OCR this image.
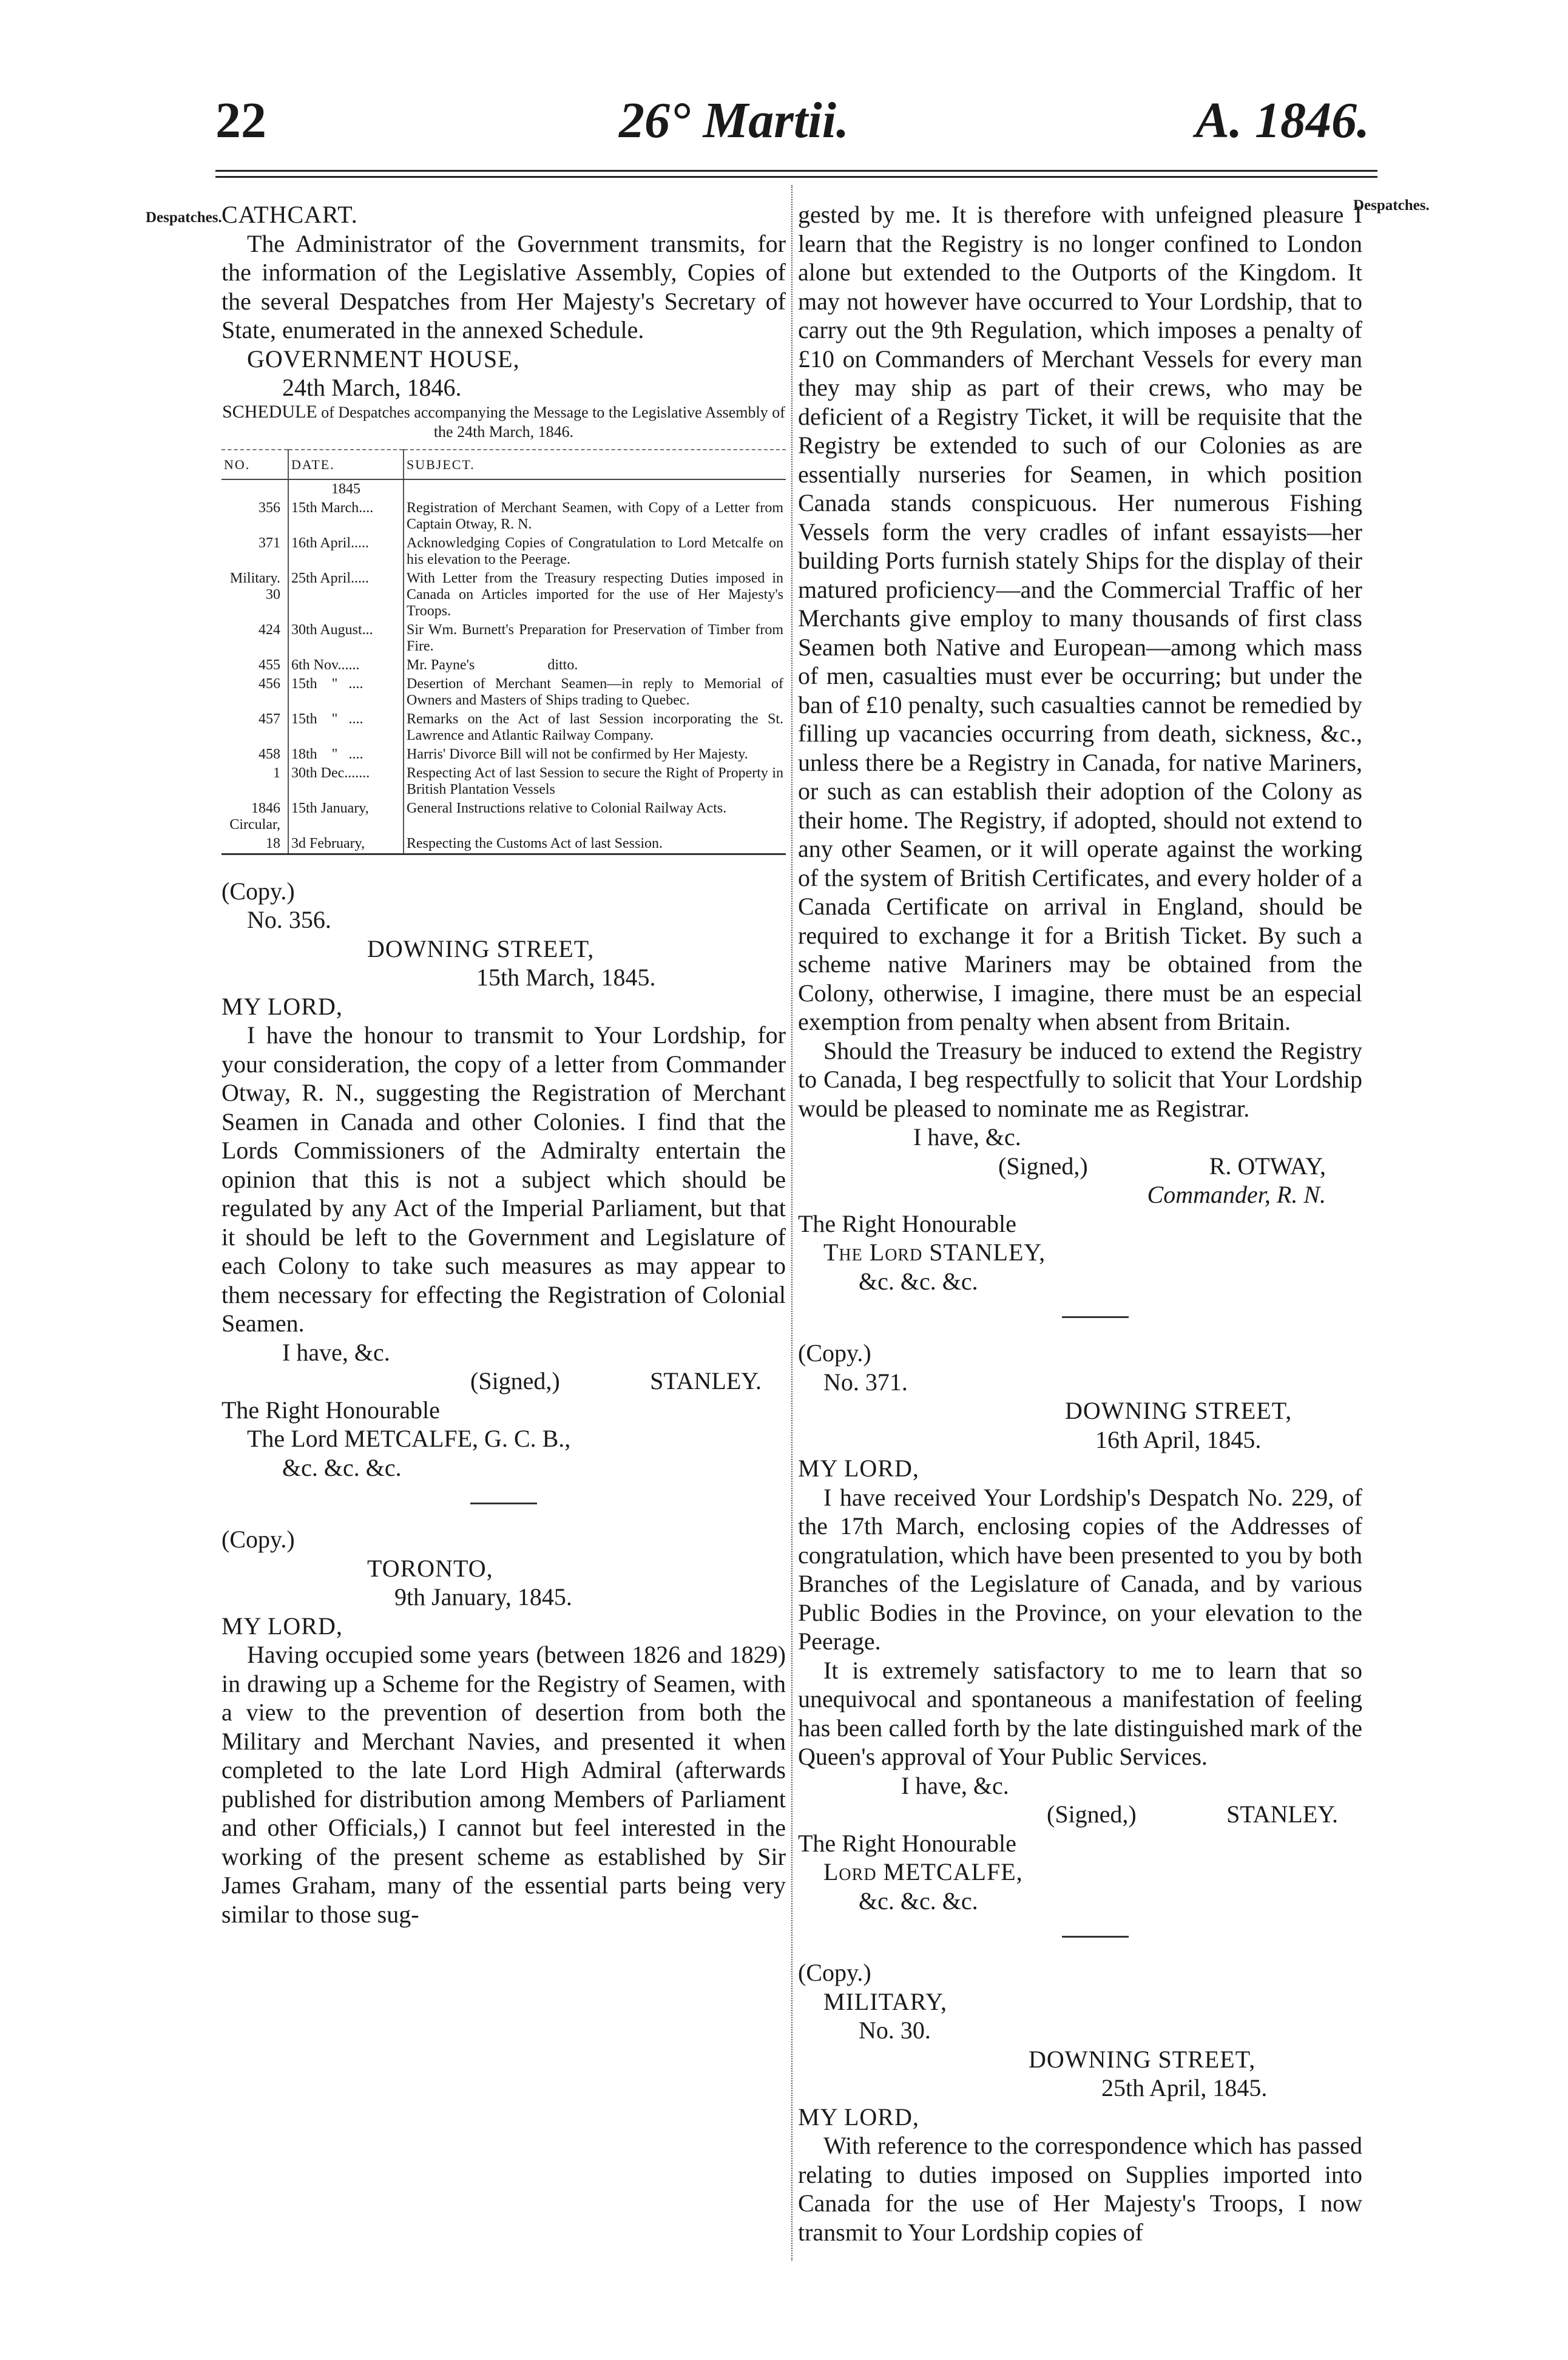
22	26° Martii.	A. 1846.
Despatches.
Despatches.

CATHCART.

The Administrator of the Government transmits, for the information of the Legislative Assembly, Copies of the several Despatches from Her Majesty's Secretary of State, enumerated in the annexed Schedule.

GOVERNMENT HOUSE,

24th March, 1846.

SCHEDULE of Despatches accompanying the Message to the Legislative Assembly of the 24th March, 1846.

NO.	DATE.	SUBJECT.
	1845	
356	15th March....	Registration of Merchant Seamen, with Copy of a Letter from Captain Otway, R. N.
371	16th April.....	Acknowledging Copies of Congratulation to Lord Metcalfe on his elevation to the Peerage.
Military. 30	25th April.....	With Letter from the Treasury respecting Duties imposed in Canada on Articles imported for the use of Her Majesty's Troops.
424	30th August...	Sir Wm. Burnett's Preparation for Preservation of Timber from Fire.
455	6th Nov......	Mr. Payne's                    ditto.
456	15th    "   ....	Desertion of Merchant Seamen—in reply to Memorial of Owners and Masters of Ships trading to Quebec.
457	15th    "   ....	Remarks on the Act of last Session incorporating the St. Lawrence and Atlantic Railway Company.
458	18th    "   ....	Harris' Divorce Bill will not be confirmed by Her Majesty.
1	30th Dec.......	Respecting Act of last Session to secure the Right of Property in British Plantation Vessels
1846 Circular,	15th January,	General Instructions relative to Colonial Railway Acts.
18	3d February,	Respecting the Customs Act of last Session.

(Copy.)

No. 356.

DOWNING STREET,

15th March, 1845.

MY LORD,

I have the honour to transmit to Your Lordship, for your consideration, the copy of a letter from Commander Otway, R. N., suggesting the Registration of Merchant Seamen in Canada and other Colonies. I find that the Lords Commissioners of the Admiralty entertain the opinion that this is not a subject which should be regulated by any Act of the Imperial Parliament, but that it should be left to the Government and Legislature of each Colony to take such measures as may appear to them necessary for effecting the Registration of Colonial Seamen.

I have, &c.

(Signed,)	STANLEY.

The Right Honourable

The Lord METCALFE, G. C. B.,

&c. &c. &c.

(Copy.)

TORONTO,

9th January, 1845.

MY LORD,

Having occupied some years (between 1826 and 1829) in drawing up a Scheme for the Registry of Seamen, with a view to the prevention of desertion from both the Military and Merchant Navies, and presented it when completed to the late Lord High Admiral (afterwards published for distribution among Members of Parliament and other Officials,) I cannot but feel interested in the working of the present scheme as established by Sir James Graham, many of the essential parts being very similar to those sug-

gested by me. It is therefore with unfeigned pleasure I learn that the Registry is no longer confined to London alone but extended to the Outports of the Kingdom. It may not however have occurred to Your Lordship, that to carry out the 9th Regulation, which imposes a penalty of £10 on Commanders of Merchant Vessels for every man they may ship as part of their crews, who may be deficient of a Registry Ticket, it will be requisite that the Registry be extended to such of our Colonies as are essentially nurseries for Seamen, in which position Canada stands conspicuous. Her numerous Fishing Vessels form the very cradles of infant essayists—her building Ports furnish stately Ships for the display of their matured proficiency—and the Commercial Traffic of her Merchants give employ to many thousands of first class Seamen both Native and European—among which mass of men, casualties must ever be occurring; but under the ban of £10 penalty, such casualties cannot be remedied by filling up vacancies occurring from death, sickness, &c., unless there be a Registry in Canada, for native Mariners, or such as can establish their adoption of the Colony as their home. The Registry, if adopted, should not extend to any other Seamen, or it will operate against the working of the system of British Certificates, and every holder of a Canada Certificate on arrival in England, should be required to exchange it for a British Ticket. By such a scheme native Mariners may be obtained from the Colony, otherwise, I imagine, there must be an especial exemption from penalty when absent from Britain.

Should the Treasury be induced to extend the Registry to Canada, I beg respectfully to solicit that Your Lordship would be pleased to nominate me as Registrar.

I have, &c.

(Signed,)	R. OTWAY,

Commander, R. N.

The Right Honourable

The Lord STANLEY,

&c. &c. &c.

(Copy.)

No. 371.

DOWNING STREET,

16th April, 1845.

MY LORD,

I have received Your Lordship's Despatch No. 229, of the 17th March, enclosing copies of the Addresses of congratulation, which have been presented to you by both Branches of the Legislature of Canada, and by various Public Bodies in the Province, on your elevation to the Peerage.

It is extremely satisfactory to me to learn that so unequivocal and spontaneous a manifestation of feeling has been called forth by the late distinguished mark of the Queen's approval of Your Public Services.

I have, &c.

(Signed,)	STANLEY.

The Right Honourable

Lord METCALFE,

&c. &c. &c.

(Copy.)

MILITARY,

No. 30.

DOWNING STREET,

25th April, 1845.

MY LORD,

With reference to the correspondence which has passed relating to duties imposed on Supplies imported into Canada for the use of Her Majesty's Troops, I now transmit to Your Lordship copies of
